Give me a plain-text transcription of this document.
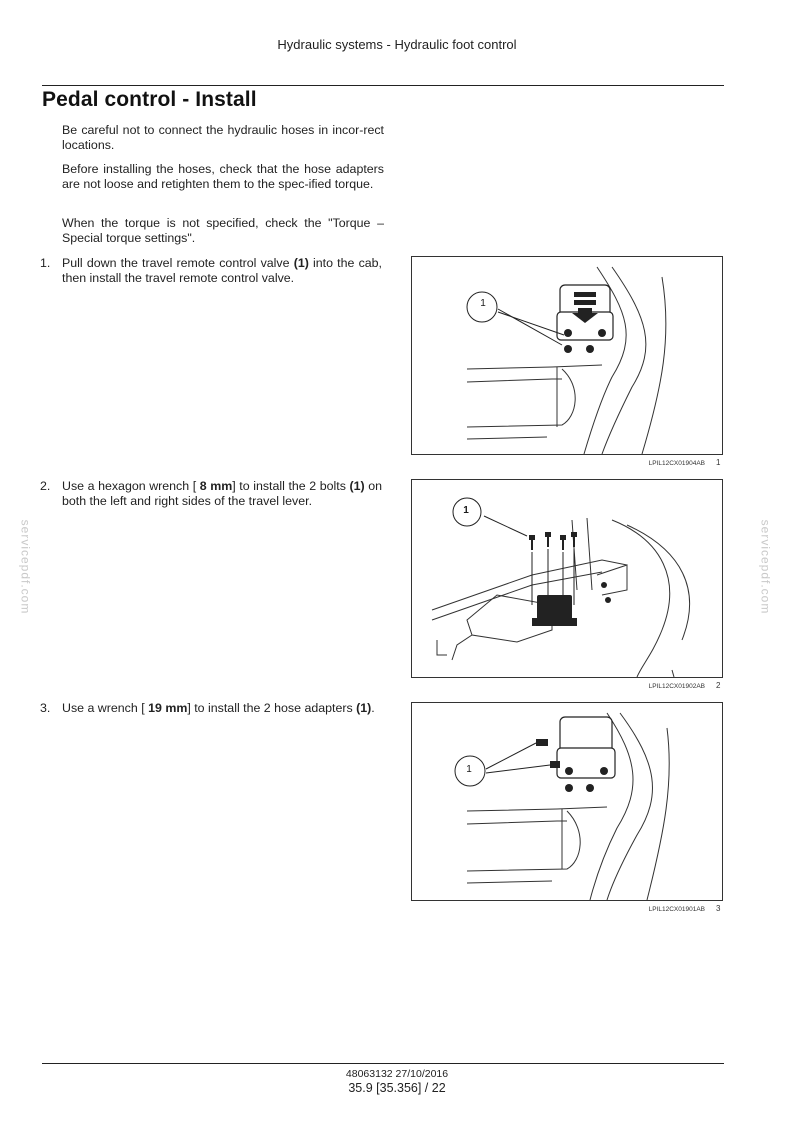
Hydraulic systems - Hydraulic foot control
Pedal control - Install
Be careful not to connect the hydraulic hoses in incor-rect locations.
Before installing the hoses, check that the hose adapters are not loose and retighten them to the spec-ified torque.
When the torque is not specified, check the "Torque – Special torque settings".
1. Pull down the travel remote control valve (1) into the cab, then install the travel remote control valve.
2. Use a hexagon wrench [ 8 mm] to install the 2 bolts (1) on both the left and right sides of the travel lever.
3. Use a wrench [ 19 mm] to install the 2 hose adapters (1).
LPIL12CX01904AB 1
1
LPIL12CX01902AB 2
1
LPIL12CX01901AB 3
1
servicepdf.com	servicepdf.com
48063132 27/10/2016
35.9 [35.356] / 22
